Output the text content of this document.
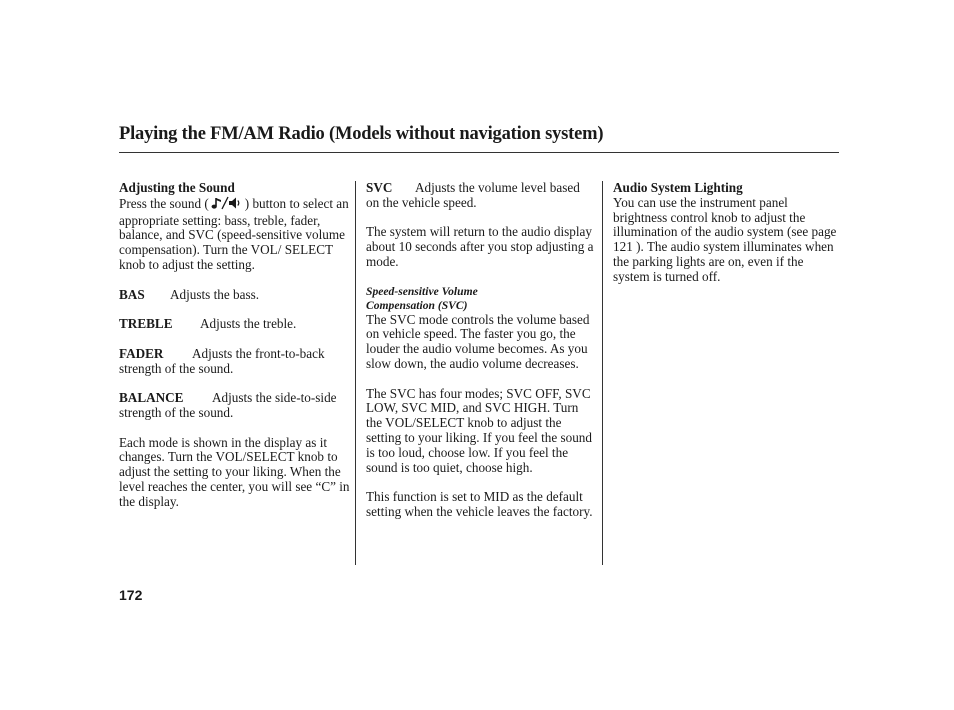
Playing the FM/AM Radio (Models without navigation system)
Adjusting the Sound

Press the sound (	) button to select an appropriate setting: bass, treble, fader, balance, and SVC (speed-sensitive volume compensation). Turn the VOL/ SELECT knob to adjust the setting.

BAS Adjusts the bass.

TREBLE Adjusts the treble.

FADER Adjusts the front-to-back strength of the sound.

BALANCE Adjusts the side-to-side strength of the sound.

Each mode is shown in the display as it changes. Turn the VOL/SELECT knob to adjust the setting to your liking. When the level reaches the center, you will see “C” in the display.

SVC Adjusts the volume level based on the vehicle speed.

The system will return to the audio display about 10 seconds after you stop adjusting a mode.

Speed-sensitive Volume
Compensation (SVC)

The SVC mode controls the volume based on vehicle speed. The faster you go, the louder the audio volume becomes. As you slow down, the audio volume decreases.

The SVC has four modes; SVC OFF, SVC LOW, SVC MID, and SVC HIGH. Turn the VOL/SELECT knob to adjust the setting to your liking. If you feel the sound is too loud, choose low. If you feel the sound is too quiet, choose high.

This function is set to MID as the default setting when the vehicle leaves the factory.

Audio System Lighting

You can use the instrument panel brightness control knob to adjust the illumination of the audio system (see page 121 ). The audio system illuminates when the parking lights are on, even if the system is turned off.

172
